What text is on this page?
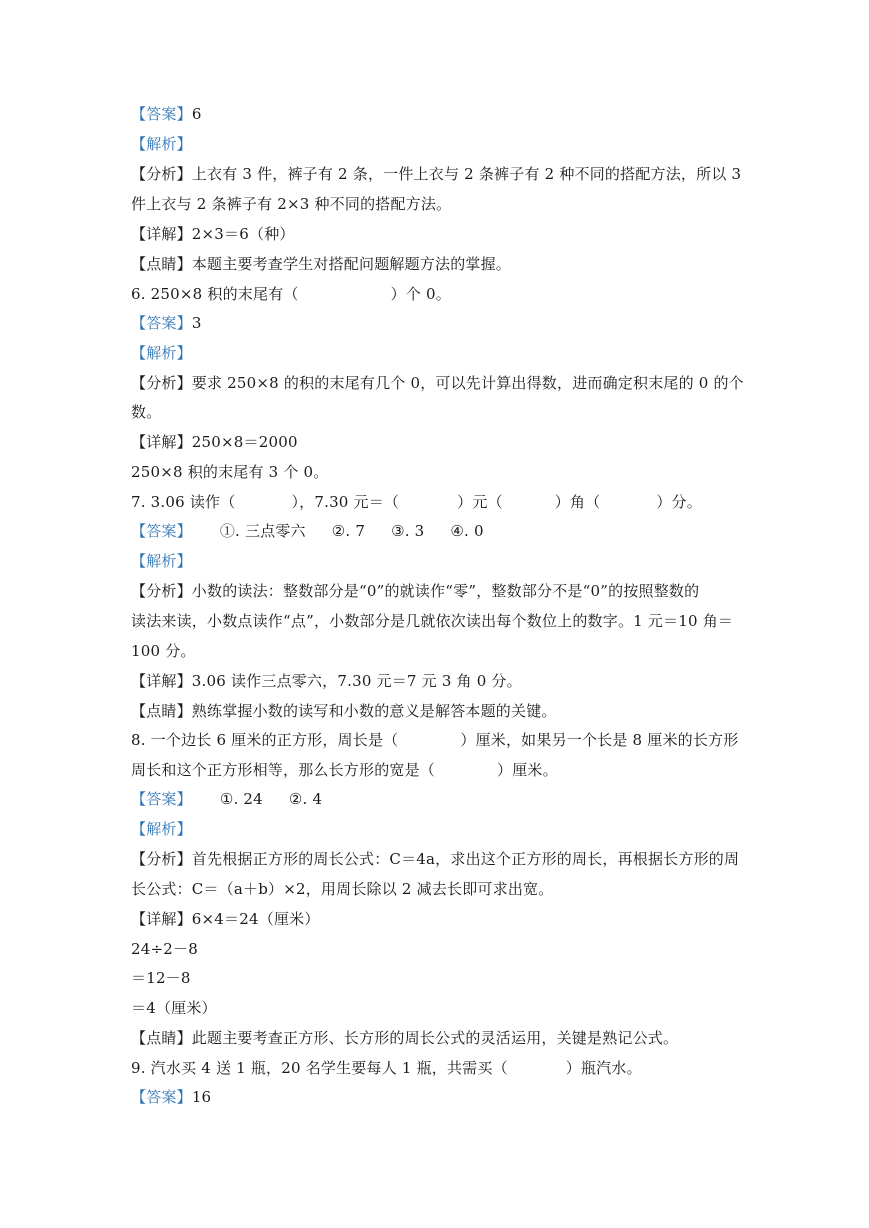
【答案】6
【解析】
【分析】上衣有 3 件，裤子有 2 条，一件上衣与 2 条裤子有 2 种不同的搭配方法，所以 3
件上衣与 2 条裤子有 2×3 种不同的搭配方法。
【详解】2×3＝6（种）
【点睛】本题主要考查学生对搭配问题解题方法的掌握。
6. 250×8 积的末尾有（	）个 0。
【答案】3
【解析】
【分析】要求 250×8 的积的末尾有几个 0，可以先计算出得数，进而确定积末尾的 0 的个
数。
【详解】250×8＝2000
250×8 积的末尾有 3 个 0。
7. 3.06 读作（	），7.30 元＝（	）元（	）角（	）分。
【答案】 ①. 三点零六 ②. 7 ③. 3 ④. 0
【解析】
【分析】小数的读法：整数部分是“0”的就读作“零”，整数部分不是“0”的按照整数的
读法来读，小数点读作“点”，小数部分是几就依次读出每个数位上的数字。1 元＝10 角＝
100 分。
【详解】3.06 读作三点零六，7.30 元＝7 元 3 角 0 分。
【点睛】熟练掌握小数的读写和小数的意义是解答本题的关键。
8. 一个边长 6 厘米的正方形，周长是（	）厘米，如果另一个长是 8 厘米的长方形
周长和这个正方形相等，那么长方形的宽是（	）厘米。
【答案】 ①. 24 ②. 4
【解析】
【分析】首先根据正方形的周长公式：C＝4a，求出这个正方形的周长，再根据长方形的周
长公式：C＝（a＋b）×2，用周长除以 2 减去长即可求出宽。
【详解】6×4＝24（厘米）
24÷2－8
＝12－8
＝4（厘米）
【点睛】此题主要考查正方形、长方形的周长公式的灵活运用，关键是熟记公式。
9. 汽水买 4 送 1 瓶，20 名学生要每人 1 瓶，共需买（	）瓶汽水。
【答案】16
